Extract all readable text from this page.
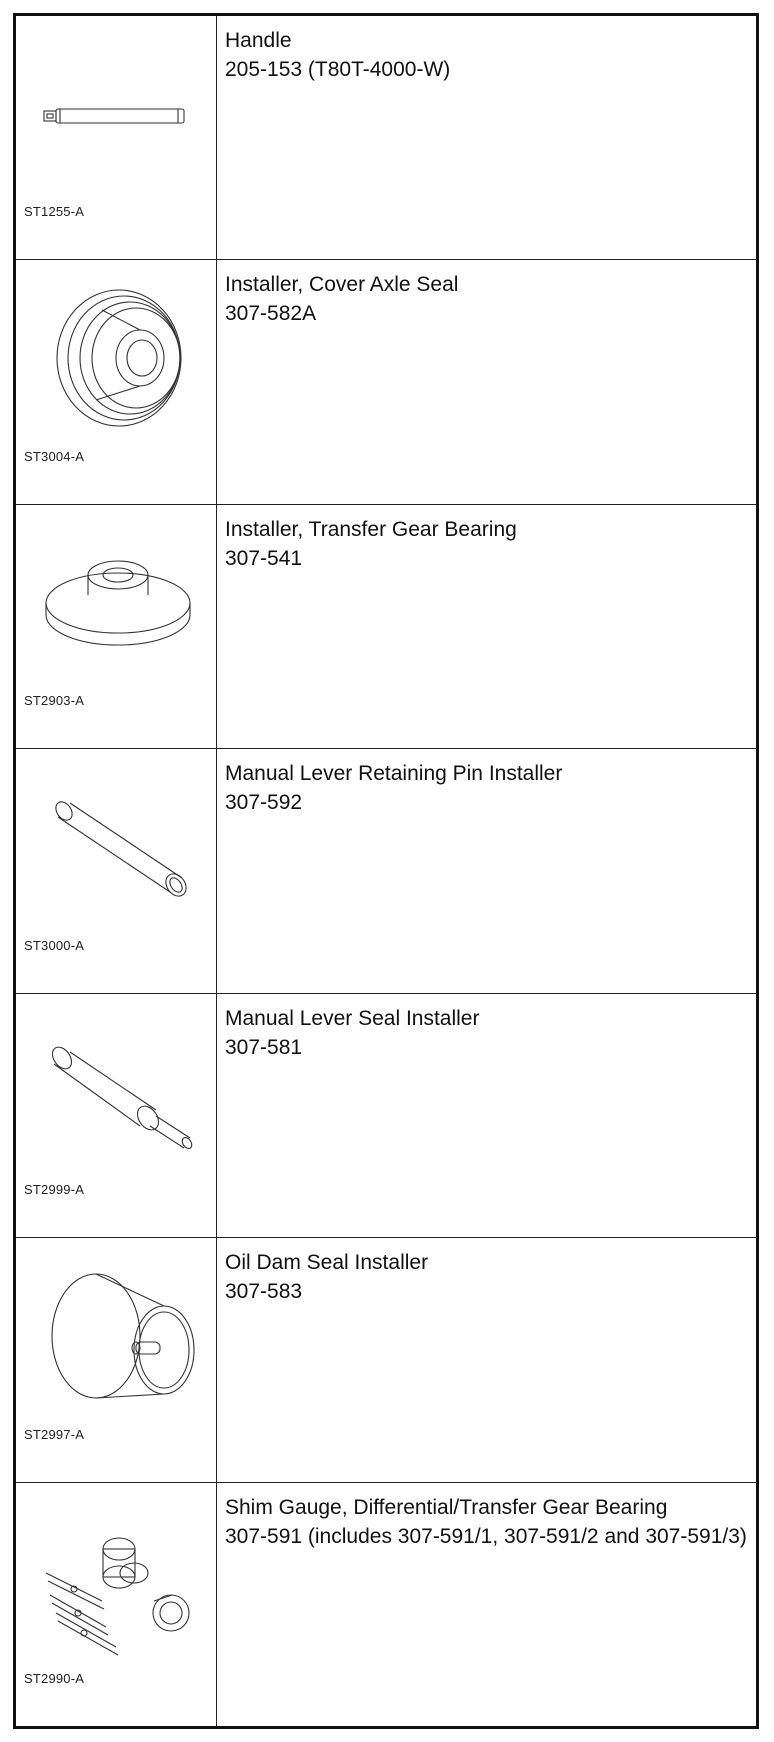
ST1255-A
Handle
205-153 (T80T-4000-W)
ST3004-A
Installer, Cover Axle Seal
307-582A
ST2903-A
Installer, Transfer Gear Bearing
307-541
ST3000-A
Manual Lever Retaining Pin Installer
307-592
ST2999-A
Manual Lever Seal Installer
307-581
ST2997-A
Oil Dam Seal Installer
307-583
ST2990-A
Shim Gauge, Differential/Transfer Gear Bearing
307-591 (includes 307-591/1, 307-591/2 and 307-591/3)
